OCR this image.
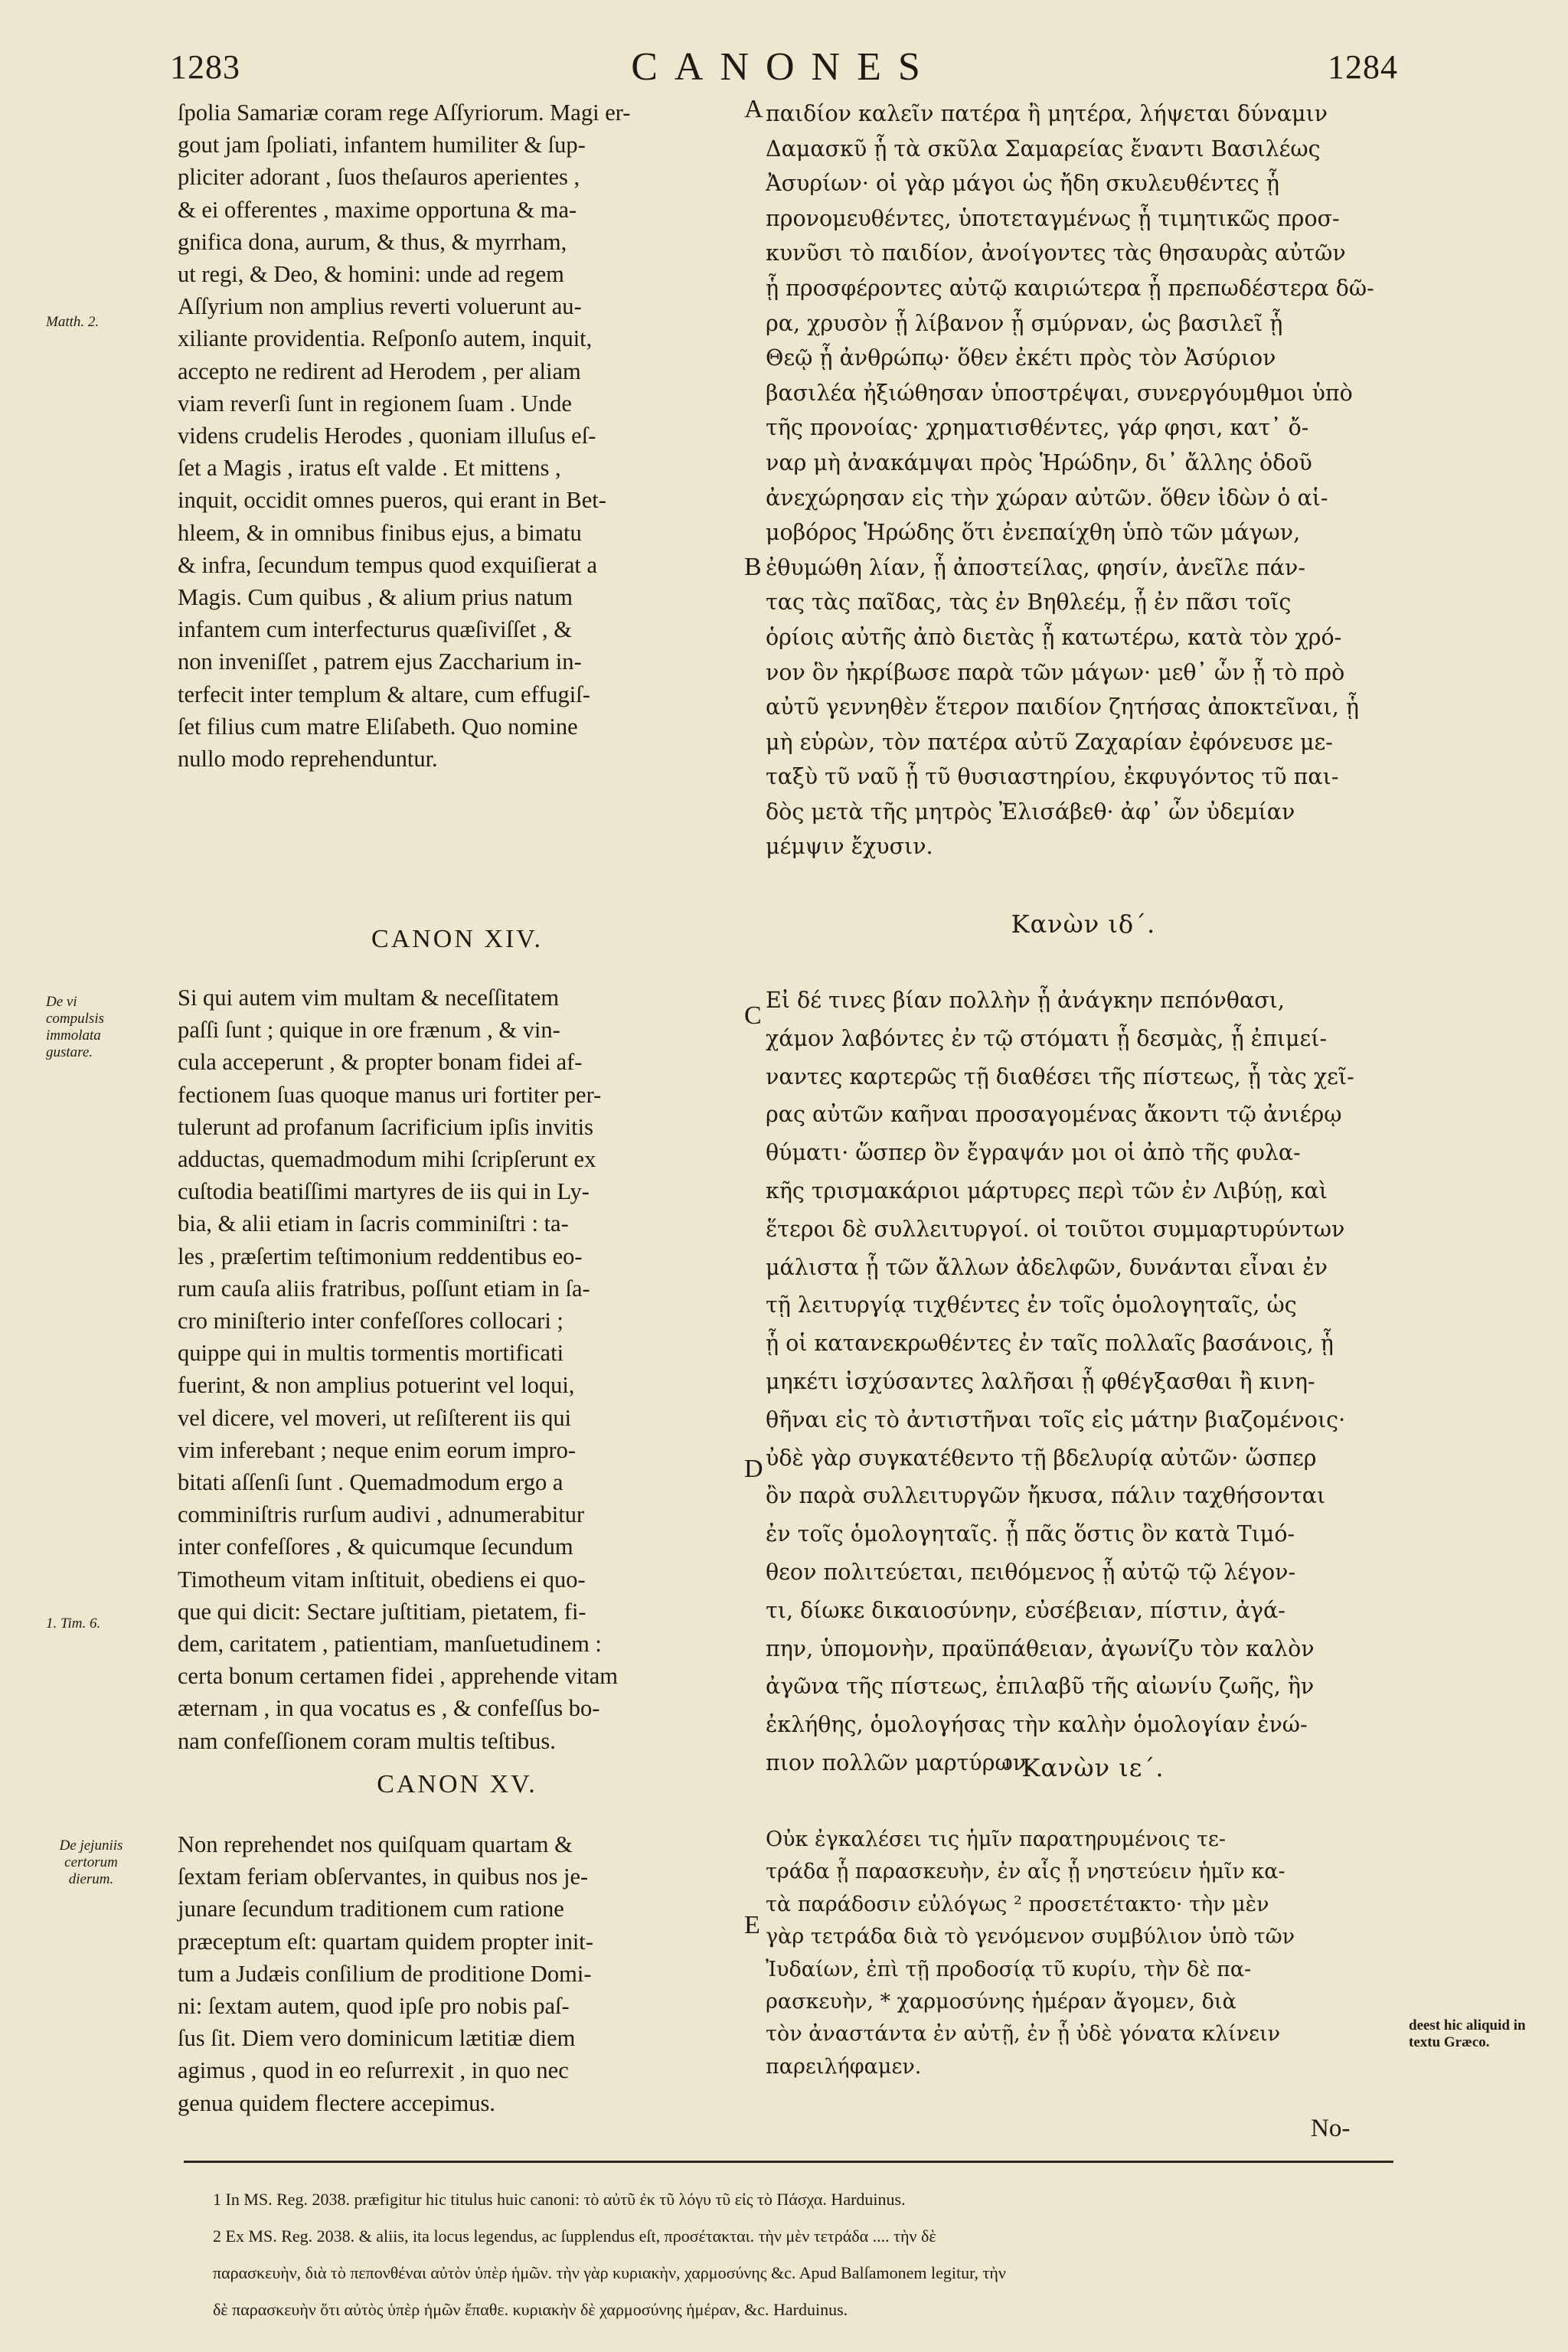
1283	CANONES	1284
Matth. 2.
De vi compulsis immolata gustare.
1. Tim. 6.
De jejuniis certorum dierum.
deest hic aliquid in textu Græco.
A
B
C
D
E

ſpolia Samariæ coram rege Aſſyriorum. Magi er-

gout jam ſpoliati, infantem humiliter & ſup-

pliciter adorant , ſuos theſauros aperientes ,

& ei offerentes , maxime opportuna & ma-

gnifica dona, aurum, & thus, & myrrham,

ut regi, & Deo, & homini: unde ad regem

Aſſyrium non amplius reverti voluerunt au-

xiliante providentia. Reſponſo autem, inquit,

accepto ne redirent ad Herodem , per aliam

viam reverſi ſunt in regionem ſuam . Unde

videns crudelis Herodes , quoniam illuſus eſ-

ſet a Magis , iratus eſt valde . Et mittens ,

inquit, occidit omnes pueros, qui erant in Bet-

hleem, & in omnibus finibus ejus, a bimatu

& infra, ſecundum tempus quod exquiſierat a

Magis. Cum quibus , & alium prius natum

infantem cum interfecturus quæſiviſſet , &

non inveniſſet , patrem ejus Zaccharium in-

terfecit inter templum & altare, cum effugiſ-

ſet filius cum matre Eliſabeth. Quo nomine

nullo modo reprehenduntur.

παιδίον καλεῖν πατέρα ἢ μητέρα, λήψεται δύναμιν

Δαμασκῦ ᾗ τὰ σκῦλα Σαμαρείας ἔναντι Βασιλέως

Ἀσυρίων· οἱ γὰρ μάγοι ὡς ἤδη σκυλευθέντες ᾗ

προνομευθέντες, ὑποτεταγμένως ᾗ τιμητικῶς προσ-

κυνῦσι τὸ παιδίον, ἀνοίγοντες τὰς θησαυρὰς αὐτῶν

ᾗ προσφέροντες αὐτῷ καιριώτερα ᾗ πρεπωδέστερα δῶ-

ρα, χρυσὸν ᾗ λίβανον ᾗ σμύρναν, ὡς βασιλεῖ ᾗ

Θεῷ ᾗ ἀνθρώπῳ· ὅθεν ἐκέτι πρὸς τὸν Ἀσύριον

βασιλέα ἠξιώθησαν ὑποστρέψαι, συνεργόυμθμοι ὑπὸ

τῆς προνοίας· χρηματισθέντες, γάρ φησι, κατ᾽ ὄ-

ναρ μὴ ἀνακάμψαι πρὸς Ἡρώδην, δι᾽ ἄλλης ὁδοῦ

ἀνεχώρησαν εἰς τὴν χώραν αὐτῶν. ὅθεν ἰδὼν ὁ αἱ-

μοβόρος Ἡρώδης ὅτι ἐνεπαίχθη ὑπὸ τῶν μάγων,

ἐθυμώθη λίαν, ᾗ ἀποστείλας, φησίν, ἀνεῖλε πάν-

τας τὰς παῖδας, τὰς ἐν Βηθλεέμ, ᾗ ἐν πᾶσι τοῖς

ὁρίοις αὐτῆς ἀπὸ διετὰς ᾗ κατωτέρω, κατὰ τὸν χρό-

νον ὃν ἠκρίβωσε παρὰ τῶν μάγων· μεθ᾽ ὧν ᾗ τὸ πρὸ

αὐτῦ γεννηθὲν ἕτερον παιδίον ζητήσας ἀποκτεῖναι, ᾗ

μὴ εὑρὼν, τὸν πατέρα αὐτῦ Ζαχαρίαν ἐφόνευσε με-

ταξὺ τῦ ναῦ ᾗ τῦ θυσιαστηρίου, ἐκφυγόντος τῦ παι-

δὸς μετὰ τῆς μητρὸς Ἐλισάβεθ· ἀφ᾽ ὧν ὐδεμίαν

μέμψιν ἔχυσιν.

CANON XIV.
Κανὼν ιδ΄.

Si qui autem vim multam & neceſſitatem

paſſi ſunt ; quique in ore frænum , & vin-

cula acceperunt , & propter bonam fidei af-

fectionem ſuas quoque manus uri fortiter per-

tulerunt ad profanum ſacrificium ipſis invitis

adductas, quemadmodum mihi ſcripſerunt ex

cuſtodia beatiſſimi martyres de iis qui in Ly-

bia, & alii etiam in ſacris comminiſtri : ta-

les , præſertim teſtimonium reddentibus eo-

rum cauſa aliis fratribus, poſſunt etiam in ſa-

cro miniſterio inter confeſſores collocari ;

quippe qui in multis tormentis mortificati

fuerint, & non amplius potuerint vel loqui,

vel dicere, vel moveri, ut reſiſterent iis qui

vim inferebant ; neque enim eorum impro-

bitati aſſenſi ſunt . Quemadmodum ergo a

comminiſtris rurſum audivi , adnumerabitur

inter confeſſores , & quicumque ſecundum

Timotheum vitam inſtituit, obediens ei quo-

que qui dicit: Sectare juſtitiam, pietatem, fi-

dem, caritatem , patientiam, manſuetudinem :

certa bonum certamen fidei , apprehende vitam

æternam , in qua vocatus es , & confeſſus bo-

nam confeſſionem coram multis teſtibus.

Εἰ δέ τινες βίαν πολλὴν ᾗ ἀνάγκην πεπόνθασι,

χάμον λαβόντες ἐν τῷ στόματι ᾗ δεσμὰς, ᾗ ἐπιμεί-

ναντες καρτερῶς τῇ διαθέσει τῆς πίστεως, ᾗ τὰς χεῖ-

ρας αὐτῶν καῆναι προσαγομένας ἄκοντι τῷ ἀνιέρῳ

θύματι· ὥσπερ ὂν ἔγραψάν μοι οἱ ἀπὸ τῆς φυλα-

κῆς τρισμακάριοι μάρτυρες περὶ τῶν ἐν Λιβύῃ, καὶ

ἕτεροι δὲ συλλειτυργοί. οἱ τοιῦτοι συμμαρτυρύντων

μάλιστα ᾗ τῶν ἄλλων ἀδελφῶν, δυνάνται εἶναι ἐν

τῇ λειτυργίᾳ τιχθέντες ἐν τοῖς ὁμολογηταῖς, ὡς

ᾗ οἱ κατανεκρωθέντες ἐν ταῖς πολλαῖς βασάνοις, ᾗ

μηκέτι ἰσχύσαντες λαλῆσαι ᾗ φθέγξασθαι ἢ κινη-

θῆναι εἰς τὸ ἀντιστῆναι τοῖς εἰς μάτην βιαζομένοις·

ὐδὲ γὰρ συγκατέθεντο τῇ βδελυρίᾳ αὐτῶν· ὥσπερ

ὂν παρὰ συλλειτυργῶν ἤκυσα, πάλιν ταχθήσονται

ἐν τοῖς ὁμολογηταῖς. ᾗ πᾶς ὅστις ὂν κατὰ Τιμό-

θεον πολιτεύεται, πειθόμενος ᾗ αὐτῷ τῷ λέγον-

τι, δίωκε δικαιοσύνην, εὐσέβειαν, πίστιν, ἀγά-

πην, ὑπομονὴν, πραϋπάθειαν, ἀγωνίζυ τὸν καλὸν

ἀγῶνα τῆς πίστεως, ἐπιλαβῦ τῆς αἰωνίυ ζωῆς, ἣν

ἐκλήθης, ὁμολογήσας τὴν καλὴν ὁμολογίαν ἐνώ-

πιον πολλῶν μαρτύρων.

CANON XV.
¹ Κανὼν ιε΄.

Non reprehendet nos quiſquam quartam &

ſextam feriam obſervantes, in quibus nos je-

junare ſecundum traditionem cum ratione

præceptum eſt: quartam quidem propter init-

tum a Judæis conſilium de proditione Domi-

ni: ſextam autem, quod ipſe pro nobis paſ-

ſus ſit. Diem vero dominicum lætitiæ diem

agimus , quod in eo reſurrexit , in quo nec

genua quidem flectere accepimus.

Οὐκ ἐγκαλέσει τις ἡμῖν παρατηρυμένοις τε-

τράδα ᾗ παρασκευὴν, ἐν αἷς ᾗ νηστεύειν ἡμῖν κα-

τὰ παράδοσιν εὐλόγως ² προσετέτακτο· τὴν μὲν

γὰρ τετράδα διὰ τὸ γενόμενον συμβύλιον ὑπὸ τῶν

Ἰυδαίων, ἐπὶ τῇ προδοσίᾳ τῦ κυρίυ, τὴν δὲ πα-

ρασκευὴν, * χαρμοσύνης ἡμέραν ἄγομεν, διὰ

τὸν ἀναστάντα ἐν αὐτῇ, ἐν ᾗ ὐδὲ γόνατα κλίνειν

παρειλήφαμεν.

No-

1 In MS. Reg. 2038. præfigitur hic titulus huic canoni: τὸ αὐτῦ ἐκ τῦ λόγυ τῦ εἰς τὸ Πάσχα. Harduinus.

2 Ex MS. Reg. 2038. & aliis, ita locus legendus, ac ſupplendus eſt, προσέτακται. τὴν μὲν τετράδα .... τὴν δὲ

παρασκευὴν, διὰ τὸ πεπονθέναι αὐτὸν ὑπὲρ ἡμῶν. τὴν γὰρ κυριακὴν, χαρμοσύνης &c. Apud Balſamonem legitur, τὴν

δὲ παρασκευὴν ὅτι αὐτὸς ὑπὲρ ἡμῶν ἔπαθε. κυριακὴν δὲ χαρμοσύνης ἡμέραν, &c. Harduinus.
